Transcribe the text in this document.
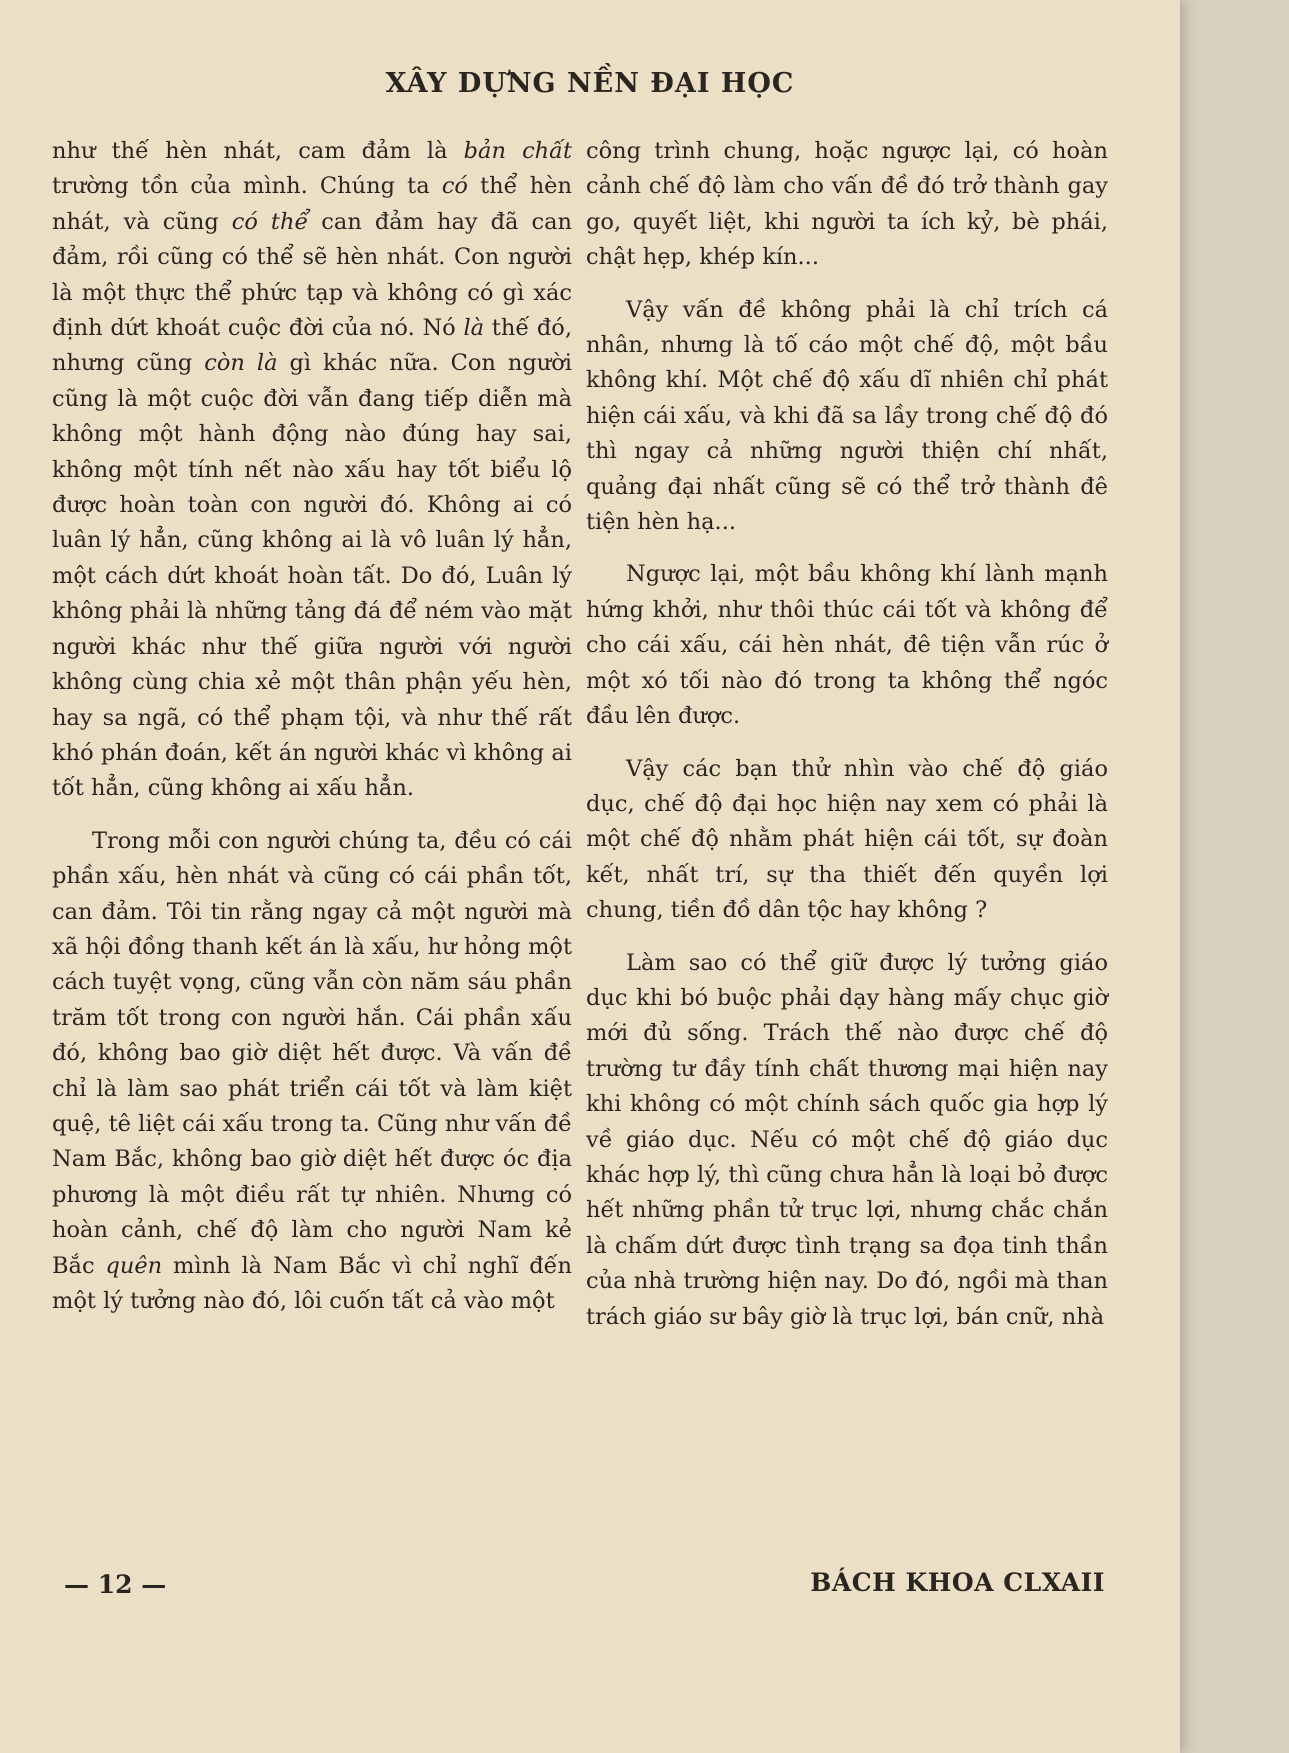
XÂY DỰNG NỀN ĐẠI HỌC

như thế hèn nhát, cam đảm là bản chất trường tồn của mình. Chúng ta có thể hèn nhát, và cũng có thể can đảm hay đã can đảm, rồi cũng có thể sẽ hèn nhát. Con người là một thực thể phức tạp và không có gì xác định dứt khoát cuộc đời của nó. Nó là thế đó, nhưng cũng còn là gì khác nữa. Con người cũng là một cuộc đời vẫn đang tiếp diễn mà không một hành động nào đúng hay sai, không một tính nết nào xấu hay tốt biểu lộ được hoàn toàn con người đó. Không ai có luân lý hẳn, cũng không ai là vô luân lý hẳn, một cách dứt khoát hoàn tất. Do đó, Luân lý không phải là những tảng đá để ném vào mặt người khác như thế giữa người với người không cùng chia xẻ một thân phận yếu hèn, hay sa ngã, có thể phạm tội, và như thế rất khó phán đoán, kết án người khác vì không ai tốt hẳn, cũng không ai xấu hẳn.

Trong mỗi con người chúng ta, đều có cái phần xấu, hèn nhát và cũng có cái phần tốt, can đảm. Tôi tin rằng ngay cả một người mà xã hội đồng thanh kết án là xấu, hư hỏng một cách tuyệt vọng, cũng vẫn còn năm sáu phần trăm tốt trong con người hắn. Cái phần xấu đó, không bao giờ diệt hết được. Và vấn đề chỉ là làm sao phát triển cái tốt và làm kiệt quệ, tê liệt cái xấu trong ta. Cũng như vấn đề Nam Bắc, không bao giờ diệt hết được óc địa phương là một điều rất tự nhiên. Nhưng có hoàn cảnh, chế độ làm cho người Nam kẻ Bắc quên mình là Nam Bắc vì chỉ nghĩ đến một lý tưởng nào đó, lôi cuốn tất cả vào một

công trình chung, hoặc ngược lại, có hoàn cảnh chế độ làm cho vấn đề đó trở thành gay go, quyết liệt, khi người ta ích kỷ, bè phái, chật hẹp, khép kín...

Vậy vấn đề không phải là chỉ trích cá nhân, nhưng là tố cáo một chế độ, một bầu không khí. Một chế độ xấu dĩ nhiên chỉ phát hiện cái xấu, và khi đã sa lầy trong chế độ đó thì ngay cả những người thiện chí nhất, quảng đại nhất cũng sẽ có thể trở thành đê tiện hèn hạ...

Ngược lại, một bầu không khí lành mạnh hứng khởi, như thôi thúc cái tốt và không để cho cái xấu, cái hèn nhát, đê tiện vẫn rúc ở một xó tối nào đó trong ta không thể ngóc đầu lên được.

Vậy các bạn thử nhìn vào chế độ giáo dục, chế độ đại học hiện nay xem có phải là một chế độ nhằm phát hiện cái tốt, sự đoàn kết, nhất trí, sự tha thiết đến quyền lợi chung, tiền đồ dân tộc hay không ?

Làm sao có thể giữ được lý tưởng giáo dục khi bó buộc phải dạy hàng mấy chục giờ mới đủ sống. Trách thế nào được chế độ trường tư đầy tính chất thương mại hiện nay khi không có một chính sách quốc gia hợp lý về giáo dục. Nếu có một chế độ giáo dục khác hợp lý, thì cũng chưa hẳn là loại bỏ được hết những phần tử trục lợi, nhưng chắc chắn là chấm dứt được tình trạng sa đọa tinh thần của nhà trường hiện nay. Do đó, ngồi mà than trách giáo sư bây giờ là trục lợi, bán cnữ, nhà

— 12 —	BÁCH KHOA CLXAII
